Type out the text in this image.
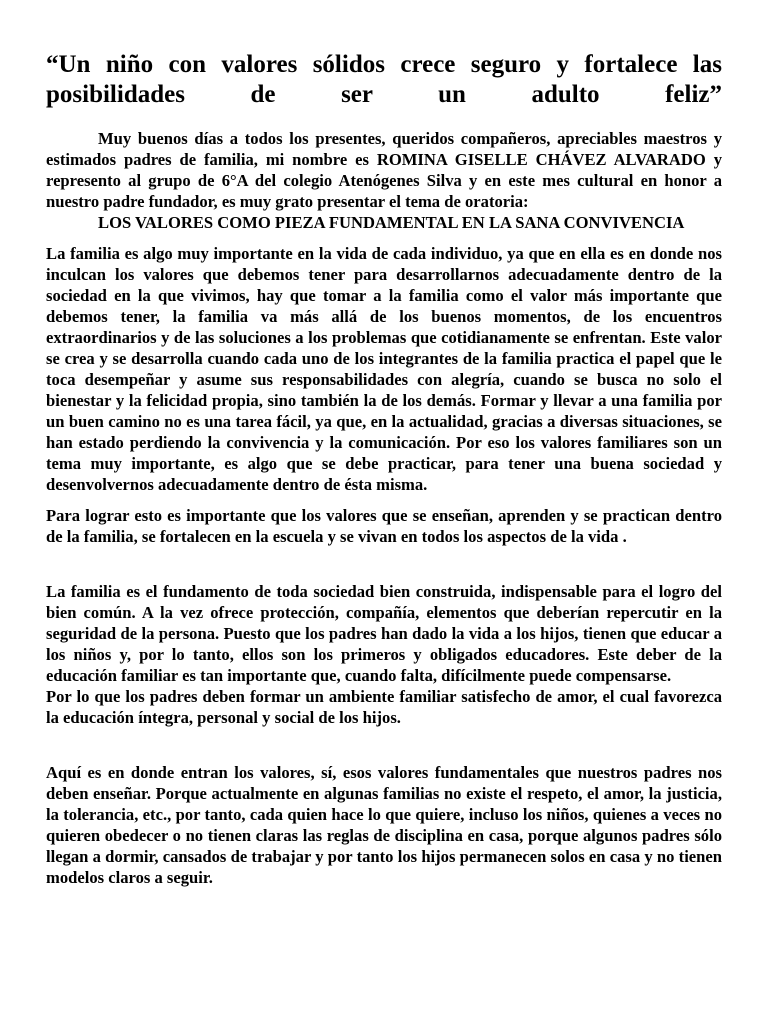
“Un niño con valores sólidos crece seguro y fortalece las posibilidades de ser un adulto feliz”

Muy buenos días a todos los presentes, queridos compañeros, apreciables maestros y estimados padres de familia, mi nombre es ROMINA GISELLE CHÁVEZ ALVARADO y represento al grupo de 6°A del colegio Atenógenes Silva y en este mes cultural en honor a nuestro padre fundador, es muy grato presentar el tema de oratoria:
LOS VALORES COMO PIEZA FUNDAMENTAL EN LA SANA CONVIVENCIA

La familia es algo muy importante en la vida de cada individuo, ya que en ella es en donde nos inculcan los valores que debemos tener para desarrollarnos adecuadamente dentro de la sociedad en la que vivimos, hay que tomar a la familia como el valor más importante que debemos tener, la familia va más allá de los buenos momentos, de los encuentros extraordinarios y de las soluciones a los problemas que cotidianamente se enfrentan. Este valor se crea y se desarrolla cuando cada uno de los integrantes de la familia practica el papel que le toca desempeñar y asume sus responsabilidades con alegría, cuando se busca no solo el bienestar y la felicidad propia, sino también la de los demás. Formar y llevar a una familia por un buen camino no es una tarea fácil, ya que, en la actualidad, gracias a diversas situaciones, se han estado perdiendo la convivencia y la comunicación. Por eso los valores familiares son un tema muy importante, es algo que se debe practicar, para tener una buena sociedad y desenvolvernos adecuadamente dentro de ésta misma.

Para lograr esto es importante que los valores que se enseñan, aprenden y se practican dentro de la familia, se fortalecen en la escuela y se vivan en todos los aspectos de la vida .

La familia es el fundamento de toda sociedad bien construida, indispensable para el logro del bien común. A la vez ofrece protección, compañía, elementos que deberían repercutir en la seguridad de la persona. Puesto que los padres han dado la vida a los hijos, tienen que educar a los niños y, por lo tanto, ellos son los primeros y obligados educadores. Este deber de la educación familiar es tan importante que, cuando falta, difícilmente puede compensarse.

Por lo que los padres deben formar un ambiente familiar satisfecho de amor, el cual favorezca la educación íntegra, personal y social de los hijos.

Aquí es en donde entran los valores, sí, esos valores fundamentales que nuestros padres nos deben enseñar. Porque actualmente en algunas familias no existe el respeto, el amor, la justicia, la tolerancia, etc., por tanto, cada quien hace lo que quiere, incluso los niños, quienes a veces no quieren obedecer o no tienen claras las reglas de disciplina en casa, porque algunos padres sólo llegan a dormir, cansados de trabajar y por tanto los hijos permanecen solos en casa y no tienen modelos claros a seguir.
